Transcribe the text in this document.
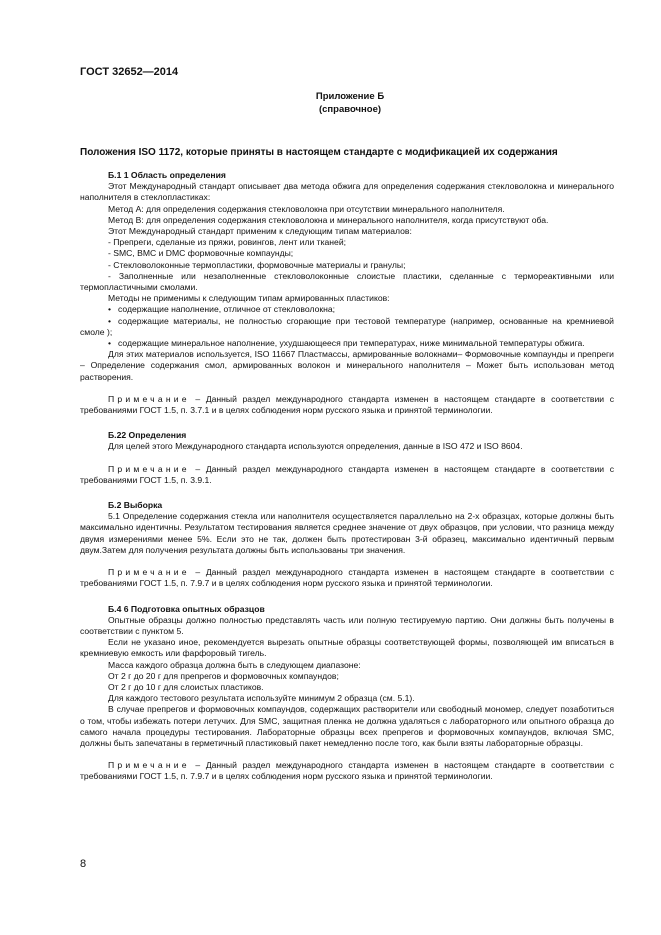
ГОСТ 32652—2014
Приложение Б
(справочное)
Положения ISO 1172, которые приняты в настоящем стандарте с модификацией их содержания

Б.1 1 Область определения

Этот Международный стандарт описывает два метода обжига для определения содержания стекловолокна и минерального наполнителя в стеклопластиках:

Метод А: для определения содержания стекловолокна при отсутствии минерального наполнителя.

Метод В: для определения содержания стекловолокна и минерального наполнителя, когда присутствуют оба.

Этот Международный стандарт применим к следующим типам материалов:

- Препреги, сделаные из пряжи, ровингов, лент или тканей;

- SMC, BMC и DMC формовочные компаунды;

- Стекловолоконные термопластики, формовочные материалы и гранулы;

- Заполненные или незаполненные стекловолоконные слоистые пластики, сделанные с термореактивными или термопластичными смолами.

Методы не применимы к следующим типам армированных пластиков:

• содержащие наполнение, отличное от стекловолокна;

• содержащие материалы, не полностью сгорающие при тестовой температуре (например, основанные на кремниевой смоле );

• содержащие минеральное наполнение, ухудшающееся при температурах, ниже минимальной температуры обжига.

Для этих материалов используется, ISO 11667 Пластмассы, армированные волокнами– Формовочные компаунды и препреги – Определение содержания смол, армированных волокон и минерального наполнителя – Может быть использован метод растворения.

Примечание – Данный раздел международного стандарта изменен в настоящем стандарте в соответствии с требованиями ГОСТ 1.5, п. 3.7.1 и в целях соблюдения норм русского языка и принятой терминологии.

Б.22 Определения

Для целей этого Международного стандарта используются определения, данные в ISO 472 и ISO 8604.

Примечание – Данный раздел международного стандарта изменен в настоящем стандарте в соответствии с требованиями ГОСТ 1.5, п. 3.9.1.

Б.2 Выборка

5.1 Определение содержания стекла или наполнителя осуществляется параллельно на 2-х образцах, которые должны быть максимально идентичны. Результатом тестирования является среднее значение от двух образцов, при условии, что разница между двумя измерениями менее 5%. Если это не так, должен быть протестирован 3-й образец, максимально идентичный первым двум.Затем для получения результата должны быть использованы три значения.

Примечание – Данный раздел международного стандарта изменен в настоящем стандарте в соответствии с требованиями ГОСТ 1.5, п. 7.9.7 и в целях соблюдения норм русского языка и принятой терминологии.

Б.4 6 Подготовка опытных образцов

Опытные образцы должно полностью представлять часть или полную тестируемую партию. Они должны быть получены в соответствии с пунктом 5.

Если не указано иное, рекомендуется вырезать опытные образцы соответствующей формы, позволяющей им вписаться в кремниевую емкость или фарфоровый тигель.

Масса каждого образца должна быть в следующем диапазоне:

От 2 г до 20 г для препрегов и формовочных компаундов;

От 2 г до 10 г для слоистых пластиков.

Для каждого тестового результата используйте минимум 2 образца (см. 5.1).

В случае препрегов и формовочных компаундов, содержащих растворители или свободный мономер, следует позаботиться о том, чтобы избежать потери летучих. Для SMC, защитная пленка не должна удаляться с лабораторного или опытного образца до самого начала процедуры тестирования. Лабораторные образцы всех препрегов и формовочных компаундов, включая SMC, должны быть запечатаны в герметичный пластиковый пакет немедленно после того, как были взяты лабораторные образцы.

Примечание – Данный раздел международного стандарта изменен в настоящем стандарте в соответствии с требованиями ГОСТ 1.5, п. 7.9.7 и в целях соблюдения норм русского языка и принятой терминологии.

8
